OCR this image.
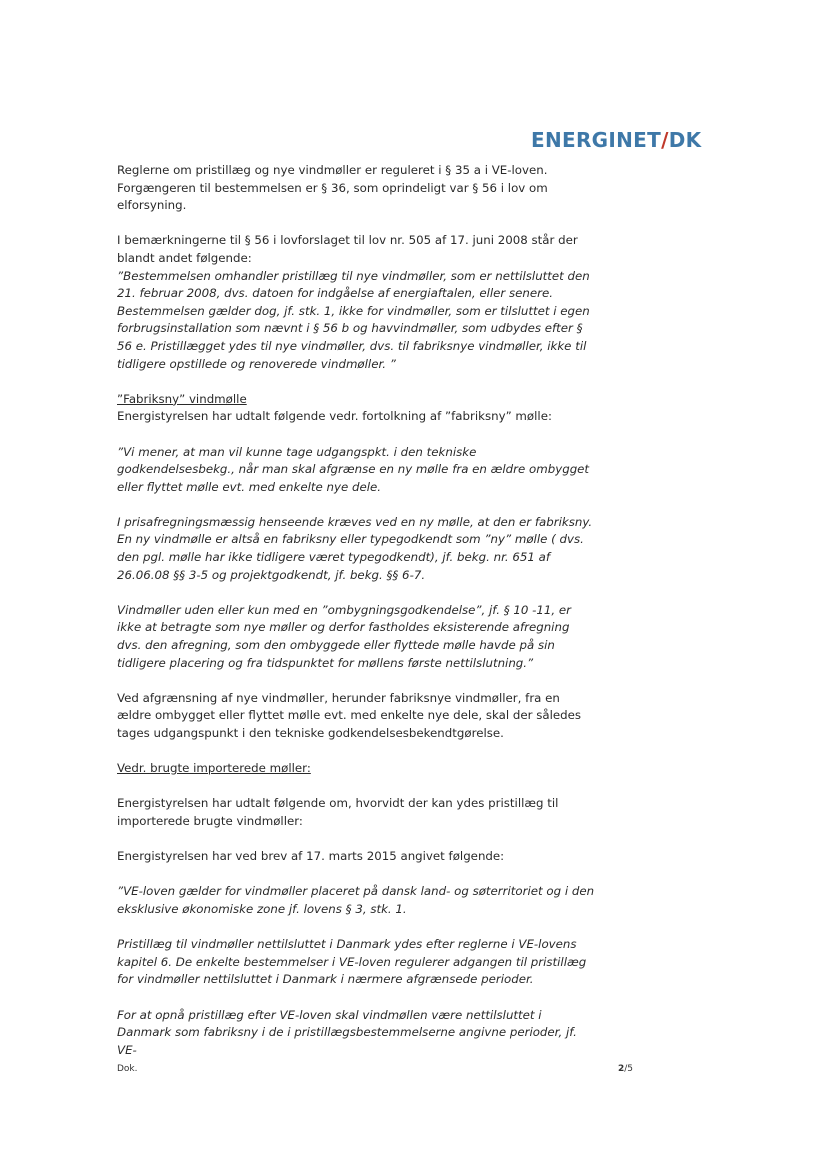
ENERGINET/DK

Reglerne om pristillæg og nye vindmøller er reguleret i § 35 a i VE-loven. Forgængeren til bestemmelsen er § 36, som oprindeligt var § 56 i lov om elforsyning.

I bemærkningerne til § 56 i lovforslaget til lov nr. 505 af 17. juni 2008 står der blandt andet følgende:

”Bestemmelsen omhandler pristillæg til nye vindmøller, som er nettilsluttet den 21. februar 2008, dvs. datoen for indgåelse af energiaftalen, eller senere. Bestemmelsen gælder dog, jf. stk. 1, ikke for vindmøller, som er tilsluttet i egen forbrugsinstallation som nævnt i § 56 b og havvindmøller, som udbydes efter § 56 e. Pristillægget ydes til nye vindmøller, dvs. til fabriksnye vindmøller, ikke til tidligere opstillede og renoverede vindmøller. ”

”Fabriksny” vindmølle

Energistyrelsen har udtalt følgende vedr. fortolkning af ”fabriksny” mølle:

”Vi mener, at man vil kunne tage udgangspkt. i den tekniske godkendelsesbekg., når man skal afgrænse en ny mølle fra en ældre ombygget eller flyttet mølle evt. med enkelte nye dele.

I prisafregningsmæssig henseende kræves ved en ny mølle, at den er fabriksny. En ny vindmølle er altså en fabriksny eller typegodkendt som ”ny” mølle ( dvs. den pgl. mølle har ikke tidligere været typegodkendt), jf. bekg. nr. 651 af 26.06.08 §§ 3-5 og projektgodkendt, jf. bekg. §§ 6-7.

Vindmøller uden eller kun med en ”ombygningsgodkendelse”, jf. § 10 -11, er ikke at betragte som nye møller og derfor fastholdes eksisterende afregning dvs. den afregning, som den ombyggede eller flyttede mølle havde på sin tidligere placering og fra tidspunktet for møllens første nettilslutning.”

Ved afgrænsning af nye vindmøller, herunder fabriksnye vindmøller, fra en ældre ombygget eller flyttet mølle evt. med enkelte nye dele, skal der således tages udgangspunkt i den tekniske godkendelsesbekendtgørelse.

Vedr. brugte importerede møller:

Energistyrelsen har udtalt følgende om, hvorvidt der kan ydes pristillæg til importerede brugte vindmøller:

Energistyrelsen har ved brev af 17. marts 2015 angivet følgende:

”VE-loven gælder for vindmøller placeret på dansk land- og søterritoriet og i den eksklusive økonomiske zone jf. lovens § 3, stk. 1.

Pristillæg til vindmøller nettilsluttet i Danmark ydes efter reglerne i VE-lovens kapitel 6. De enkelte bestemmelser i VE-loven regulerer adgangen til pristillæg for vindmøller nettilsluttet i Danmark i nærmere afgrænsede perioder.

For at opnå pristillæg efter VE-loven skal vindmøllen være nettilsluttet i Danmark som fabriksny i de i pristillægsbestemmelserne angivne perioder, jf. VE-

Dok.	2/5
